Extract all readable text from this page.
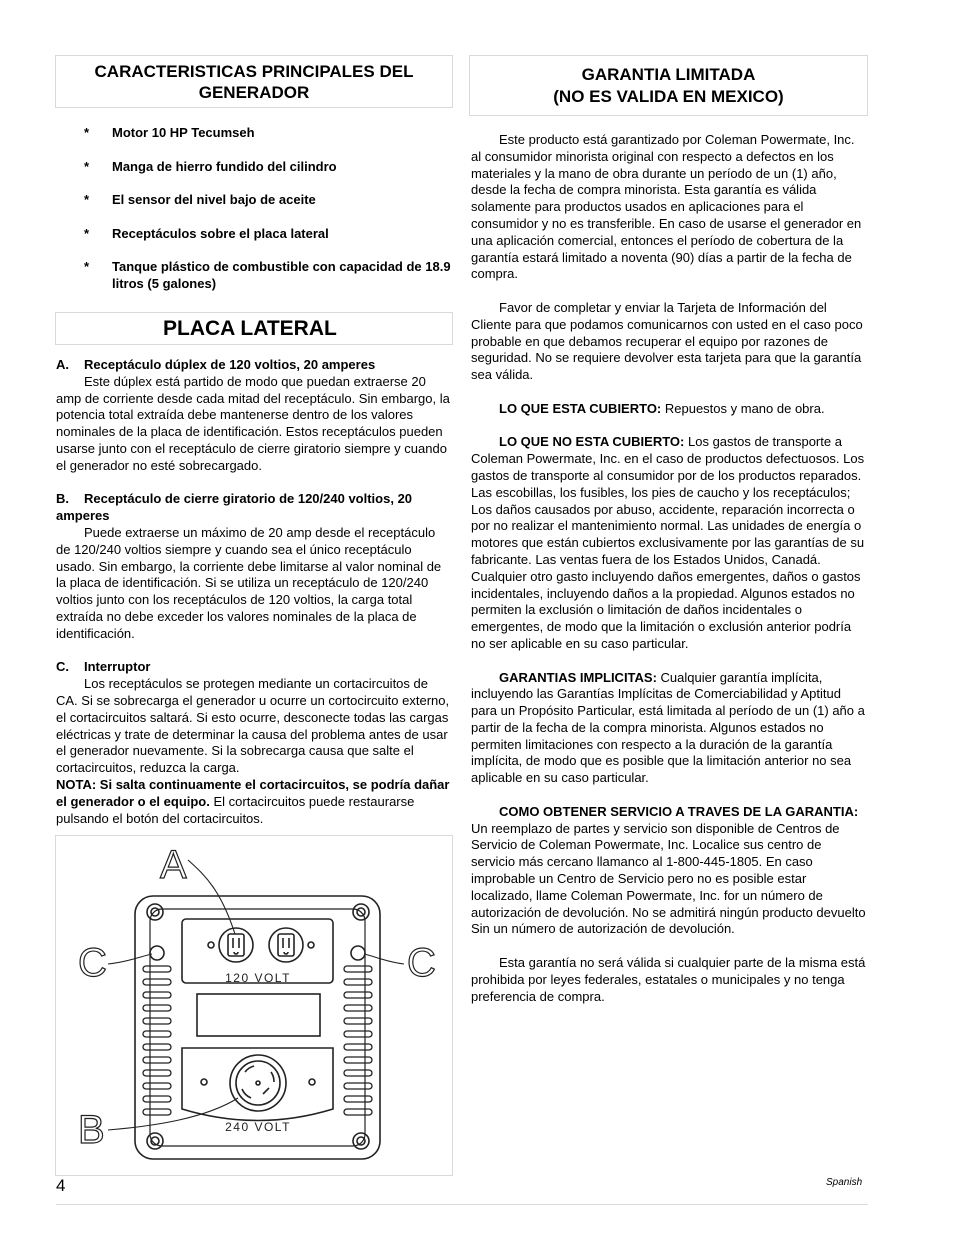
CARACTERISTICAS PRINCIPALES DEL GENERADOR
* Motor 10 HP Tecumseh
* Manga de hierro fundido del cilindro
* El sensor del nivel bajo de aceite
* Receptáculos sobre el placa lateral
* Tanque plástico de combustible con capacidad de 18.9 litros (5 galones)
PLACA LATERAL

A. Receptáculo dúplex de 120 voltios, 20 amperes

Este dúplex está partido de modo que puedan extraerse 20 amp de corriente desde cada mitad del receptáculo. Sin embargo, la potencia total extraída debe mantenerse dentro de los valores nominales de la placa de identificación. Estos receptáculos pueden usarse junto con el receptáculo de cierre giratorio siempre y cuando el generador no esté sobrecargado.

B. Receptáculo de cierre giratorio de 120/240 voltios, 20 amperes

Puede extraerse un máximo de 20 amp desde el receptáculo de 120/240 voltios siempre y cuando sea el único receptáculo usado. Sin embargo, la corriente debe limitarse al valor nominal de la placa de identificación. Si se utiliza un receptáculo de 120/240 voltios junto con los receptáculos de 120 voltios, la carga total extraída no debe exceder los valores nominales de la placa de identificación.

C. Interruptor

Los receptáculos se protegen mediante un cortacircuitos de CA. Si se sobrecarga el generador u ocurre un cortocircuito externo, el cortacircuitos saltará. Si esto ocurre, desconecte todas las cargas eléctricas y trate de determinar la causa del problema antes de usar el generador nuevamente. Si la sobrecarga causa que salte el cortacircuitos, reduzca la carga.
NOTA: Si salta continuamente el cortacircuitos, se podría dañar el generador o el equipo. El cortacircuitos puede restaurarse pulsando el botón del cortacircuitos.

120 VOLT
240 VOLT
A
C	C
B
GARANTIA LIMITADA
(NO ES VALIDA EN MEXICO)

Este producto está garantizado por Coleman Powermate, Inc. al consumidor minorista original con respecto a defectos en los materiales y la mano de obra durante un período de un (1) año, desde la fecha de compra minorista. Esta garantía es válida solamente para productos usados en aplicaciones para el consumidor y no es transferible. En caso de usarse el generador en una aplicación comercial, entonces el período de cobertura de la garantía estará limitado a noventa (90) días a partir de la fecha de compra.

Favor de completar y enviar la Tarjeta de Información del Cliente para que podamos comunicarnos con usted en el caso poco probable en que debamos recuperar el equipo por razones de seguridad. No se requiere devolver esta tarjeta para que la garantía sea válida.

LO QUE ESTA CUBIERTO: Repuestos y mano de obra.

LO QUE NO ESTA CUBIERTO: Los gastos de transporte a Coleman Powermate, Inc. en el caso de productos defectuosos. Los gastos de transporte al consumidor por de los productos reparados. Las escobillas, los fusibles, los pies de caucho y los receptáculos; Los daños causados por abuso, accidente, reparación incorrecta o por no realizar el mantenimiento normal. Las unidades de energía o motores que están cubiertos exclusivamente por las garantías de su fabricante. Las ventas fuera de los Estados Unidos, Canadá. Cualquier otro gasto incluyendo daños emergentes, daños o gastos incidentales, incluyendo daños a la propiedad. Algunos estados no permiten la exclusión o limitación de daños incidentales o emergentes, de modo que la limitación o exclusión anterior podría no ser aplicable en su caso particular.

GARANTIAS IMPLICITAS: Cualquier garantía implícita, incluyendo las Garantías Implícitas de Comerciabilidad y Aptitud para un Propósito Particular, está limitada al período de un (1) año a partir de la fecha de la compra minorista. Algunos estados no permiten limitaciones con respecto a la duración de la garantía implícita, de modo que es posible que la limitación anterior no sea aplicable en su caso particular.

COMO OBTENER SERVICIO A TRAVES DE LA GARANTIA: Un reemplazo de partes y servicio son disponible de Centros de Servicio de Coleman Powermate, Inc. Localice sus centro de servicio más cercano llamanco al 1-800-445-1805. En caso improbable un Centro de Servicio pero no es posible estar localizado, llame Coleman Powermate, Inc. for un número de autorización de devolución. No se admitirá ningún producto devuelto Sin un número de autorización de devolución.

Esta garantía no será válida si cualquier parte de la misma está prohibida por leyes federales, estatales o municipales y no tenga preferencia de compra.

4	Spanish
